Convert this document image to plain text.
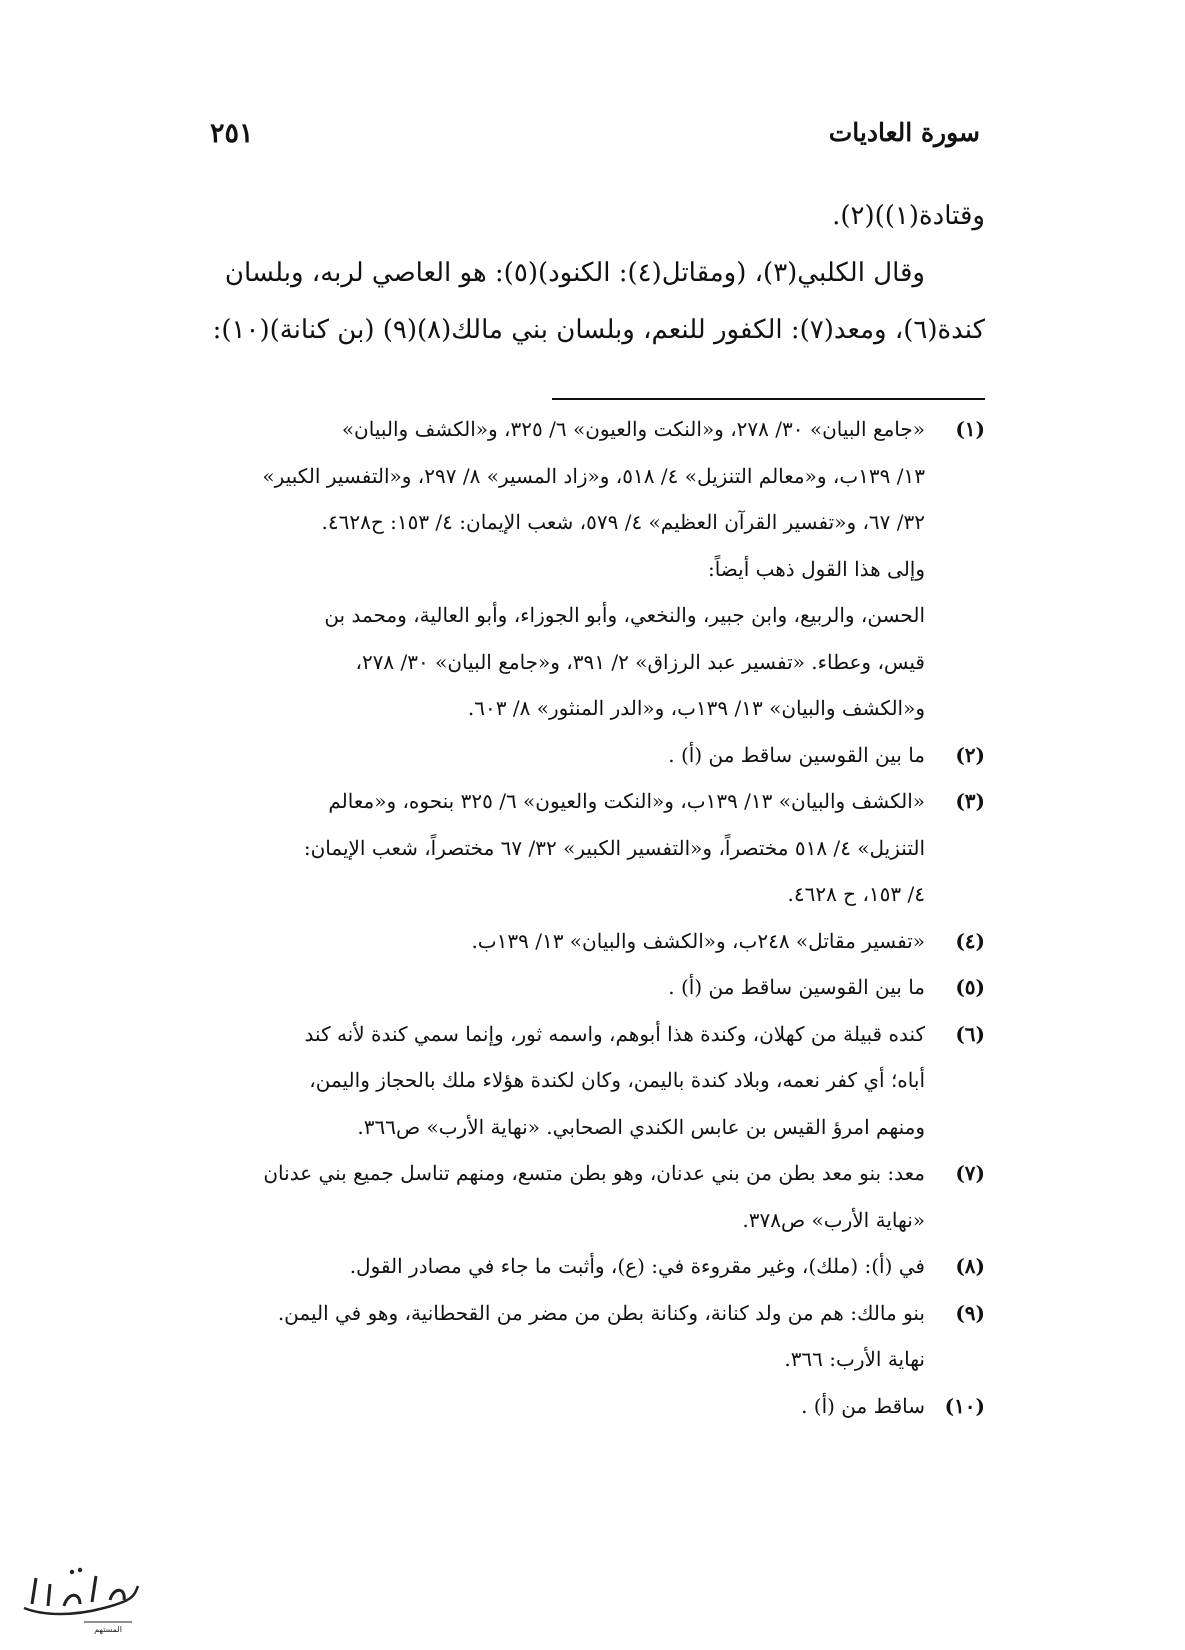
سورة العاديات
٢٥١

وقتادة(١))(٢).

وقال الكلبي(٣)، (ومقاتل(٤): الكنود)(٥): هو العاصي لربه، وبلسان

كندة(٦)، ومعد(٧): الكفور للنعم، وبلسان بني مالك(٨)(٩) (بن كنانة)(١٠):

(١)
«جامع البيان» ٣٠/ ٢٧٨، و«النكت والعيون» ٦/ ٣٢٥، و«الكشف والبيان»
١٣/ ١٣٩ب، و«معالم التنزيل» ٤/ ٥١٨، و«زاد المسير» ٨/ ٢٩٧، و«التفسير الكبير»
٣٢/ ٦٧، و«تفسير القرآن العظيم» ٤/ ٥٧٩، شعب الإيمان: ٤/ ١٥٣: ح٤٦٢٨.
وإلى هذا القول ذهب أيضاً:
الحسن، والربيع، وابن جبير، والنخعي، وأبو الجوزاء، وأبو العالية، ومحمد بن
قيس، وعطاء. «تفسير عبد الرزاق» ٢/ ٣٩١، و«جامع البيان» ٣٠/ ٢٧٨،
و«الكشف والبيان» ١٣/ ١٣٩ب، و«الدر المنثور» ٨/ ٦٠٣.
(٢)
ما بين القوسين ساقط من (أ) .
(٣)
«الكشف والبيان» ١٣/ ١٣٩ب، و«النكت والعيون» ٦/ ٣٢٥ بنحوه، و«معالم
التنزيل» ٤/ ٥١٨ مختصراً، و«التفسير الكبير» ٣٢/ ٦٧ مختصراً، شعب الإيمان:
٤/ ١٥٣، ح ٤٦٢٨.
(٤)
«تفسير مقاتل» ٢٤٨ب، و«الكشف والبيان» ١٣/ ١٣٩ب.
(٥)
ما بين القوسين ساقط من (أ) .
(٦)
كنده قبيلة من كهلان، وكندة هذا أبوهم، واسمه ثور، وإنما سمي كندة لأنه كند
أباه؛ أي كفر نعمه، وبلاد كندة باليمن، وكان لكندة هؤلاء ملك بالحجاز واليمن،
ومنهم امرؤ القيس بن عابس الكندي الصحابي. «نهاية الأرب» ص٣٦٦.
(٧)
معد: بنو معد بطن من بني عدنان، وهو بطن متسع، ومنهم تناسل جميع بني عدنان
«نهاية الأرب» ص٣٧٨.
(٨)
في (أ): (ملك)، وغير مقروءة في: (ع)، وأثبت ما جاء في مصادر القول.
(٩)
بنو مالك: هم من ولد كنانة، وكنانة بطن من مضر من القحطانية، وهو في اليمن.
نهاية الأرب: ٣٦٦.
(١٠)
ساقط من (أ) .
المستهم
